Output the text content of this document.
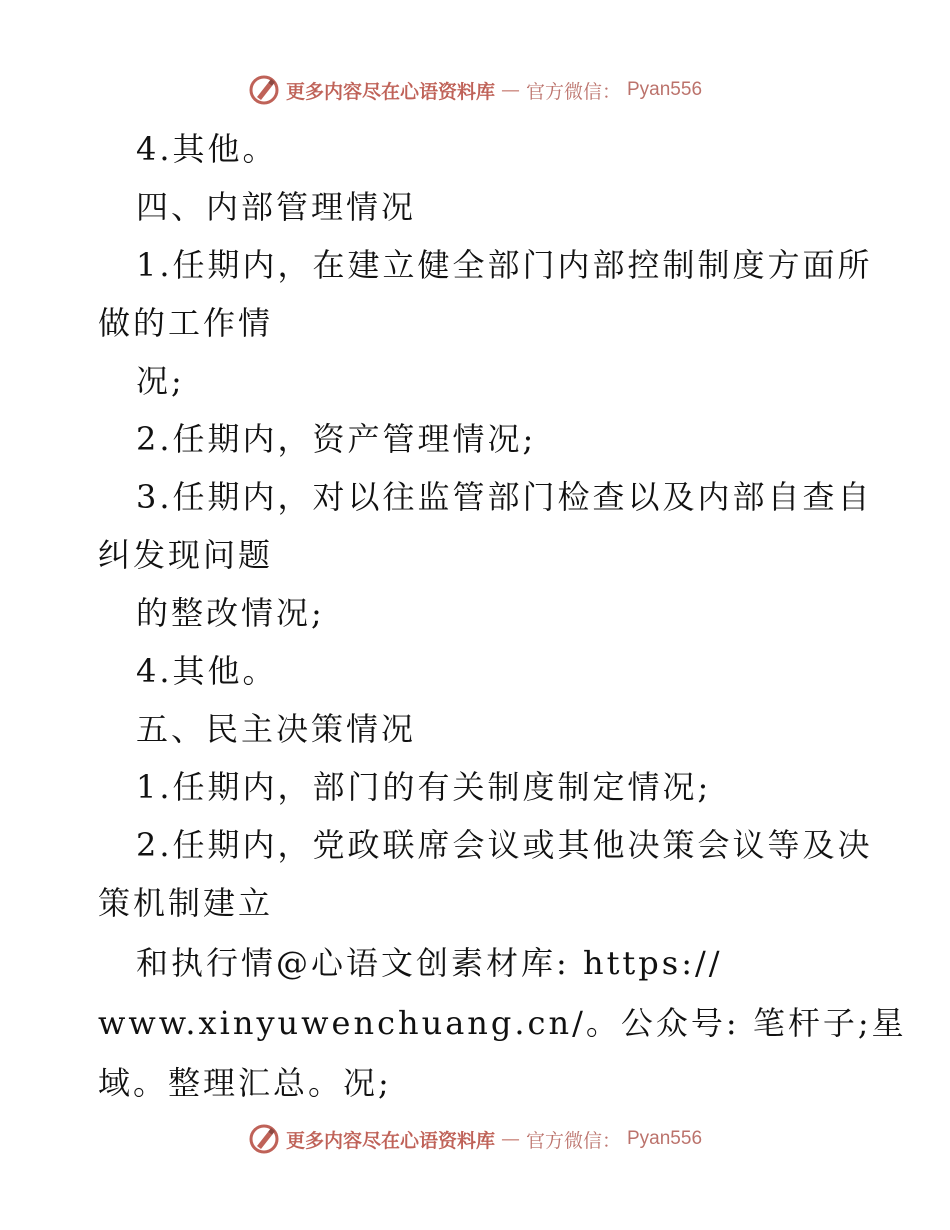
更多内容尽在心语资料库 — 官方微信： Pyan556
4.其他。
四、内部管理情况
1.任期内，在建立健全部门内部控制制度方面所
做的工作情
况;
2.任期内，资产管理情况;
3.任期内，对以往监管部门检查以及内部自查自
纠发现问题
的整改情况;
4.其他。
五、民主决策情况
1.任期内，部门的有关制度制定情况;
2.任期内，党政联席会议或其他决策会议等及决
策机制建立
和执行情@心语文创素材库: https://
www.xinyuwenchuang.cn/。公众号: 笔杆子;星
域。整理汇总。况;
更多内容尽在心语资料库 — 官方微信： Pyan556
